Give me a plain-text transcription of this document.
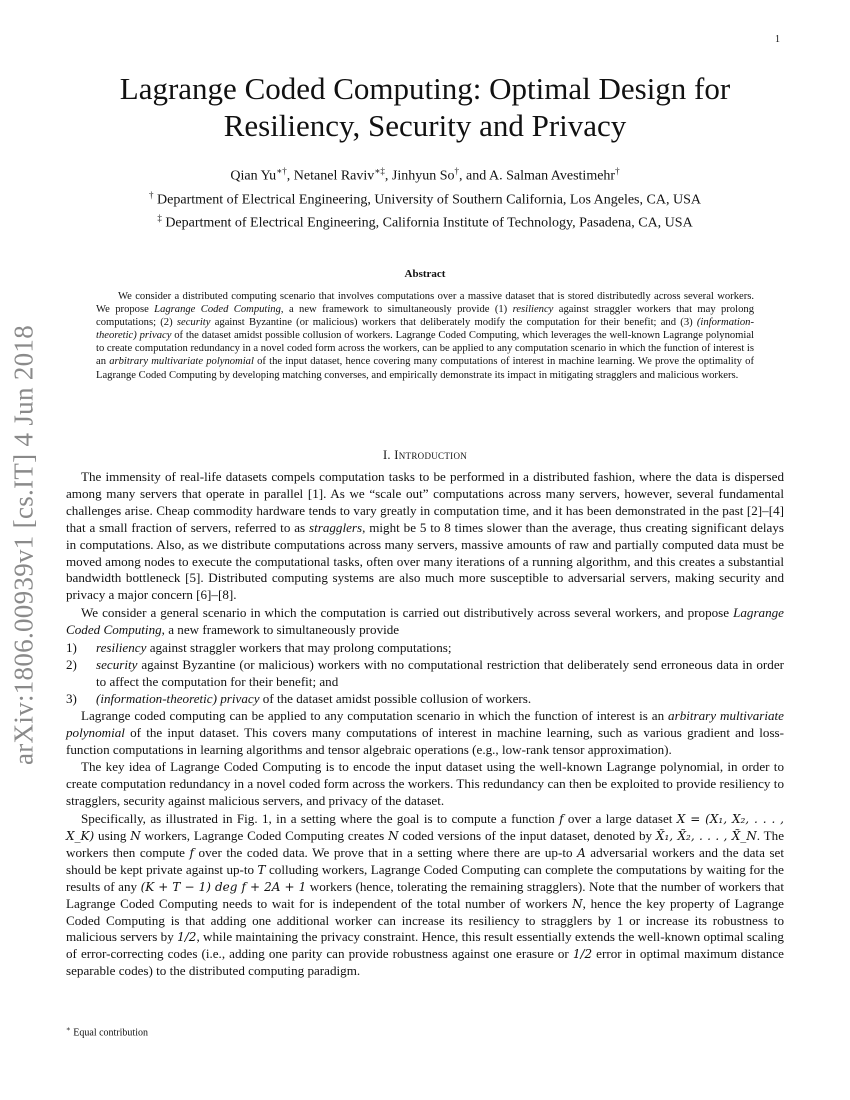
1
arXiv:1806.00939v1 [cs.IT] 4 Jun 2018
Lagrange Coded Computing: Optimal Design for Resiliency, Security and Privacy
Qian Yu∗†, Netanel Raviv∗‡, Jinhyun So†, and A. Salman Avestimehr†
† Department of Electrical Engineering, University of Southern California, Los Angeles, CA, USA
‡ Department of Electrical Engineering, California Institute of Technology, Pasadena, CA, USA
Abstract

We consider a distributed computing scenario that involves computations over a massive dataset that is stored distributedly across several workers. We propose Lagrange Coded Computing, a new framework to simultaneously provide (1) resiliency against straggler workers that may prolong computations; (2) security against Byzantine (or malicious) workers that deliberately modify the computation for their benefit; and (3) (information-theoretic) privacy of the dataset amidst possible collusion of workers. Lagrange Coded Computing, which leverages the well-known Lagrange polynomial to create computation redundancy in a novel coded form across the workers, can be applied to any computation scenario in which the function of interest is an arbitrary multivariate polynomial of the input dataset, hence covering many computations of interest in machine learning. We prove the optimality of Lagrange Coded Computing by developing matching converses, and empirically demonstrate its impact in mitigating stragglers and malicious workers.

I. Introduction

The immensity of real-life datasets compels computation tasks to be performed in a distributed fashion, where the data is dispersed among many servers that operate in parallel [1]. As we “scale out” computations across many servers, however, several fundamental challenges arise. Cheap commodity hardware tends to vary greatly in computation time, and it has been demonstrated in the past [2]–[4] that a small fraction of servers, referred to as stragglers, might be 5 to 8 times slower than the average, thus creating significant delays in computations. Also, as we distribute computations across many servers, massive amounts of raw and partially computed data must be moved among nodes to execute the computational tasks, often over many iterations of a running algorithm, and this creates a substantial bandwidth bottleneck [5]. Distributed computing systems are also much more susceptible to adversarial servers, making security and privacy a major concern [6]–[8].

We consider a general scenario in which the computation is carried out distributively across several workers, and propose Lagrange Coded Computing, a new framework to simultaneously provide

1) resiliency against straggler workers that may prolong computations;
2) security against Byzantine (or malicious) workers with no computational restriction that deliberately send erroneous data in order to affect the computation for their benefit; and
3) (information-theoretic) privacy of the dataset amidst possible collusion of workers.

Lagrange coded computing can be applied to any computation scenario in which the function of interest is an arbitrary multivariate polynomial of the input dataset. This covers many computations of interest in machine learning, such as various gradient and loss-function computations in learning algorithms and tensor algebraic operations (e.g., low-rank tensor approximation).

The key idea of Lagrange Coded Computing is to encode the input dataset using the well-known Lagrange polynomial, in order to create computation redundancy in a novel coded form across the workers. This redundancy can then be exploited to provide resiliency to stragglers, security against malicious servers, and privacy of the dataset.

Specifically, as illustrated in Fig. 1, in a setting where the goal is to compute a function f over a large dataset X = (X₁, X₂, . . . , X_K) using N workers, Lagrange Coded Computing creates N coded versions of the input dataset, denoted by X̃₁, X̃₂, . . . , X̃_N. The workers then compute f over the coded data. We prove that in a setting where there are up-to A adversarial workers and the data set should be kept private against up-to T colluding workers, Lagrange Coded Computing can complete the computations by waiting for the results of any (K + T − 1) deg f + 2A + 1 workers (hence, tolerating the remaining stragglers). Note that the number of workers that Lagrange Coded Computing needs to wait for is independent of the total number of workers N, hence the key property of Lagrange Coded Computing is that adding one additional worker can increase its resiliency to stragglers by 1 or increase its robustness to malicious servers by 1/2, while maintaining the privacy constraint. Hence, this result essentially extends the well-known optimal scaling of error-correcting codes (i.e., adding one parity can provide robustness against one erasure or 1/2 error in optimal maximum distance separable codes) to the distributed computing paradigm.

∗ Equal contribution
